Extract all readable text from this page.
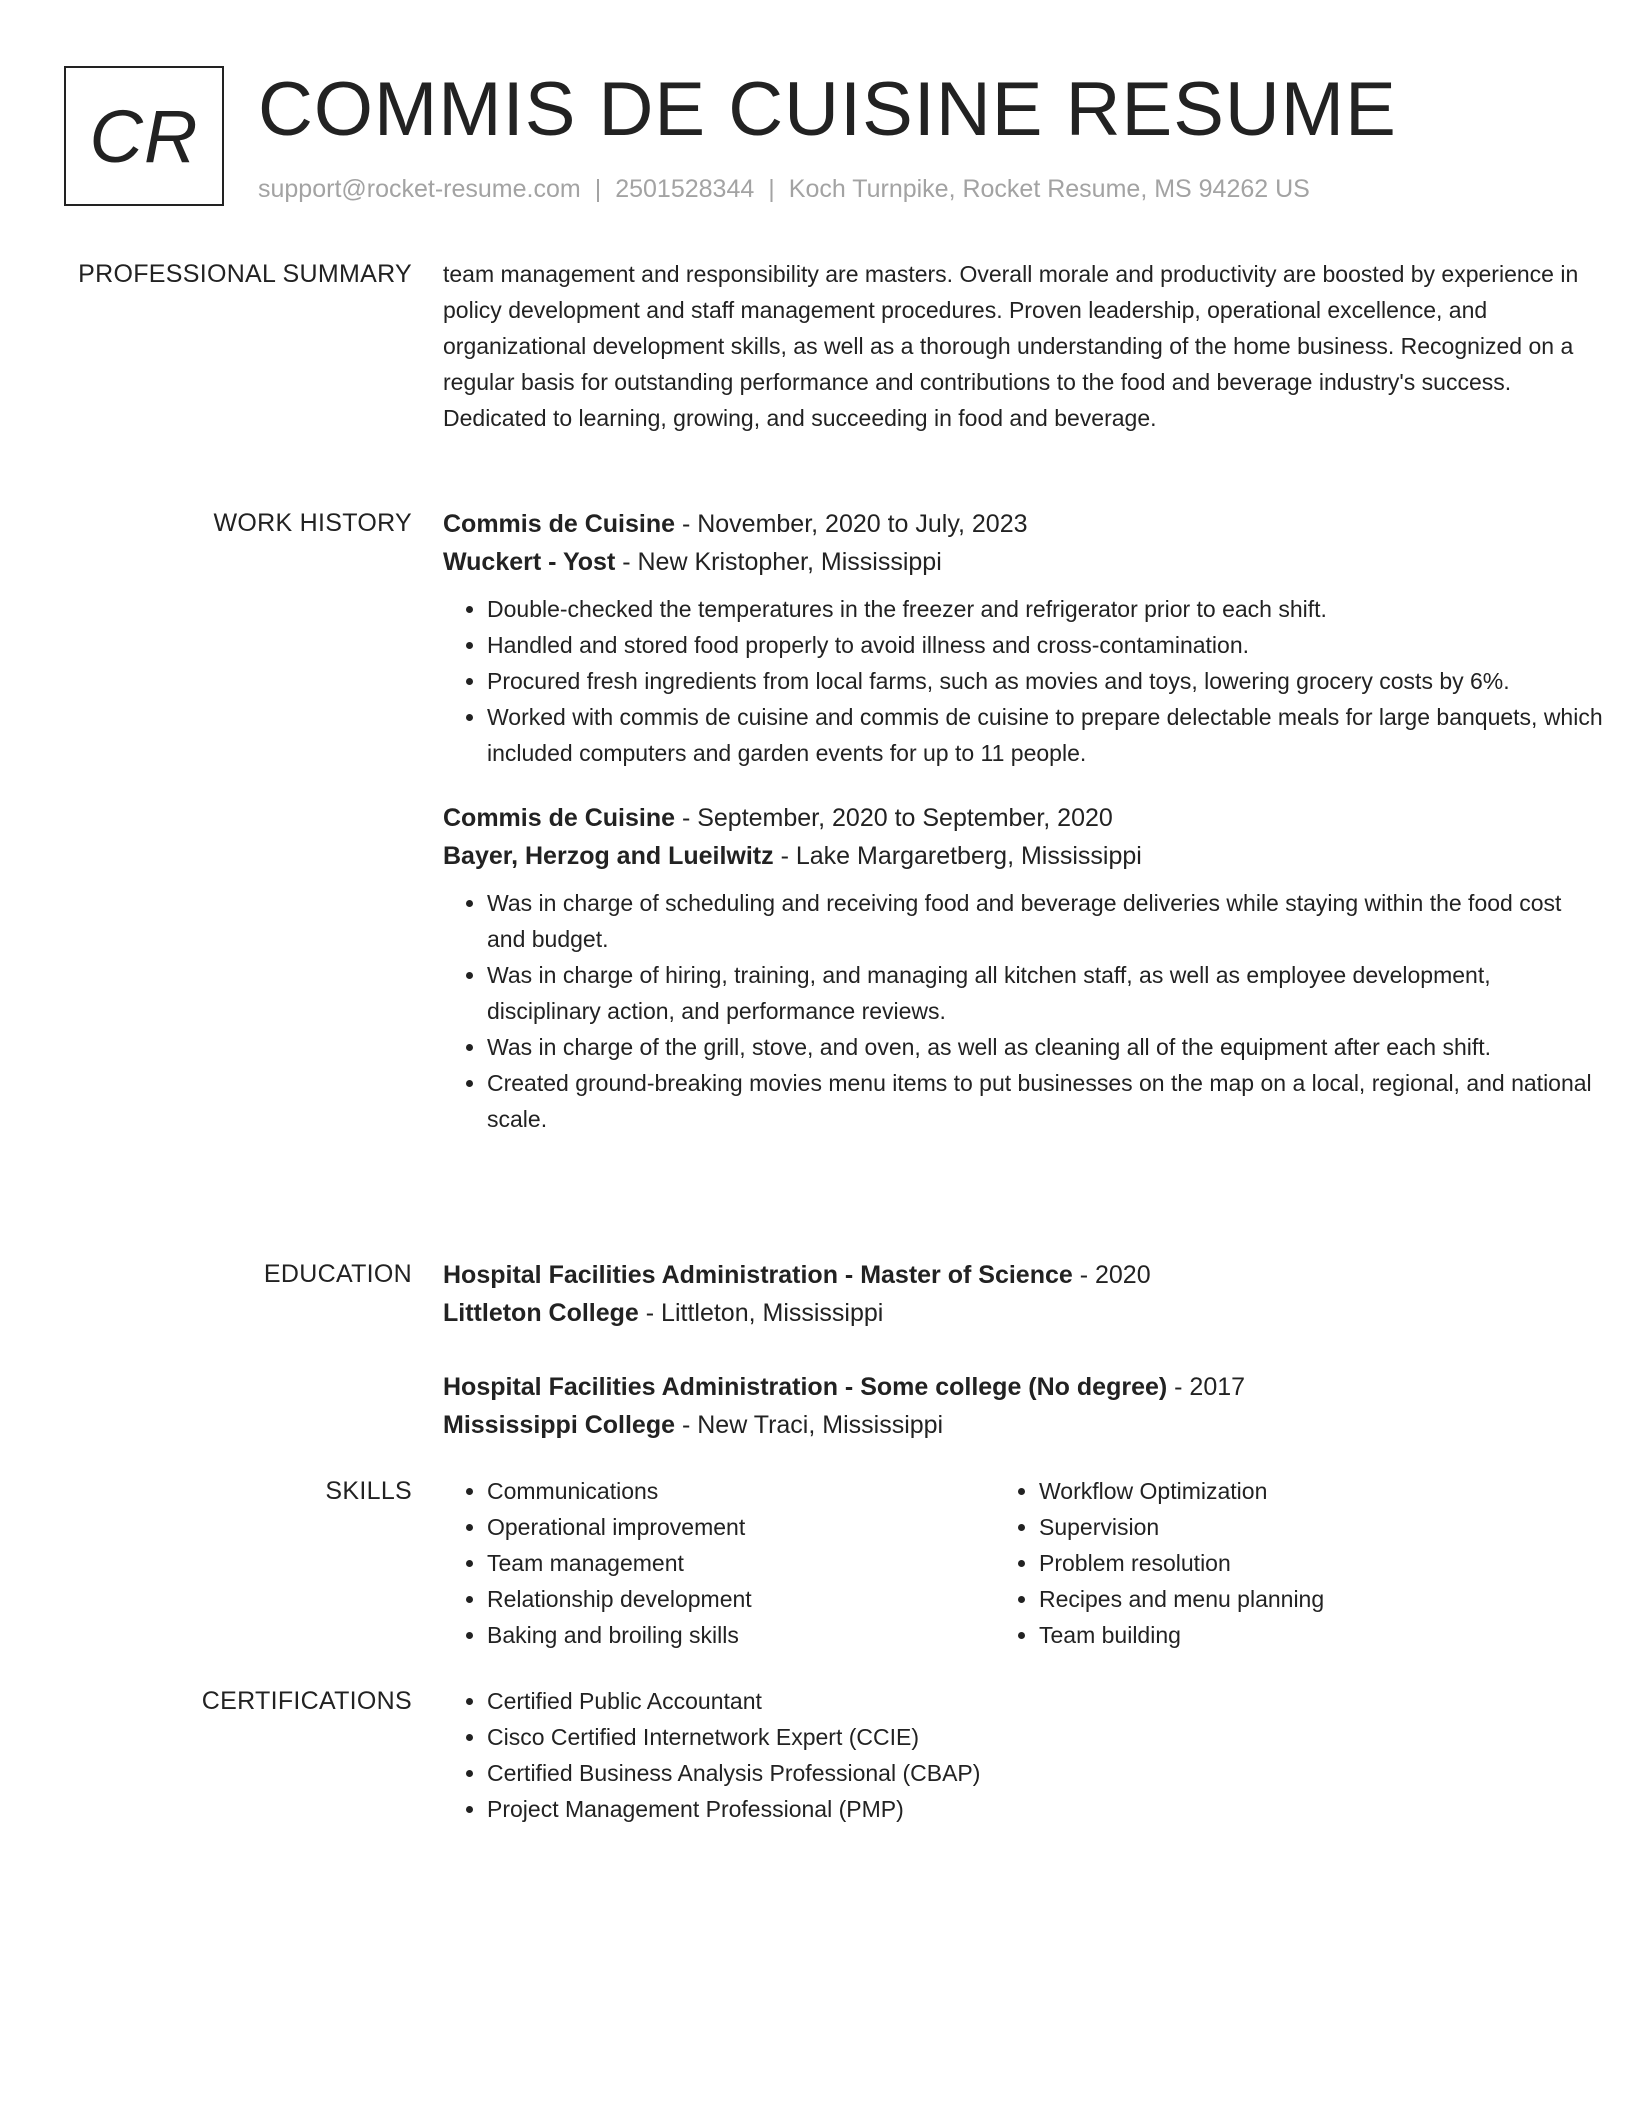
CR COMMIS DE CUISINE RESUME
support@rocket-resume.com | 2501528344 | Koch Turnpike, Rocket Resume, MS 94262 US
PROFESSIONAL SUMMARY team management and responsibility are masters. Overall morale and productivity are boosted by experience in policy development and staff management procedures. Proven leadership, operational excellence, and organizational development skills, as well as a thorough understanding of the home business. Recognized on a regular basis for outstanding performance and contributions to the food and beverage industry's success. Dedicated to learning, growing, and succeeding in food and beverage.

WORK HISTORY Commis de Cuisine - November, 2020 to July, 2023
Wuckert - Yost - New Kristopher, Mississippi
• Double-checked the temperatures in the freezer and refrigerator prior to each shift.
• Handled and stored food properly to avoid illness and cross-contamination.
• Procured fresh ingredients from local farms, such as movies and toys, lowering grocery costs by 6%.
• Worked with commis de cuisine and commis de cuisine to prepare delectable meals for large banquets, which included computers and garden events for up to 11 people.
Commis de Cuisine - September, 2020 to September, 2020
Bayer, Herzog and Lueilwitz - Lake Margaretberg, Mississippi
• Was in charge of scheduling and receiving food and beverage deliveries while staying within the food cost and budget.
• Was in charge of hiring, training, and managing all kitchen staff, as well as employee development, disciplinary action, and performance reviews.
• Was in charge of the grill, stove, and oven, as well as cleaning all of the equipment after each shift.
• Created ground-breaking movies menu items to put businesses on the map on a local, regional, and national scale.
EDUCATION Hospital Facilities Administration - Master of Science - 2020
Littleton College - Littleton, Mississippi
Hospital Facilities Administration - Some college (No degree) - 2017
Mississippi College - New Traci, Mississippi
SKILLS	• Communications
• Operational improvement
• Team management
• Relationship development
• Baking and broiling skills
• Workflow Optimization
• Supervision
• Problem resolution
• Recipes and menu planning
• Team building
CERTIFICATIONS	• Certified Public Accountant
• Cisco Certified Internetwork Expert (CCIE)
• Certified Business Analysis Professional (CBAP)
• Project Management Professional (PMP)
